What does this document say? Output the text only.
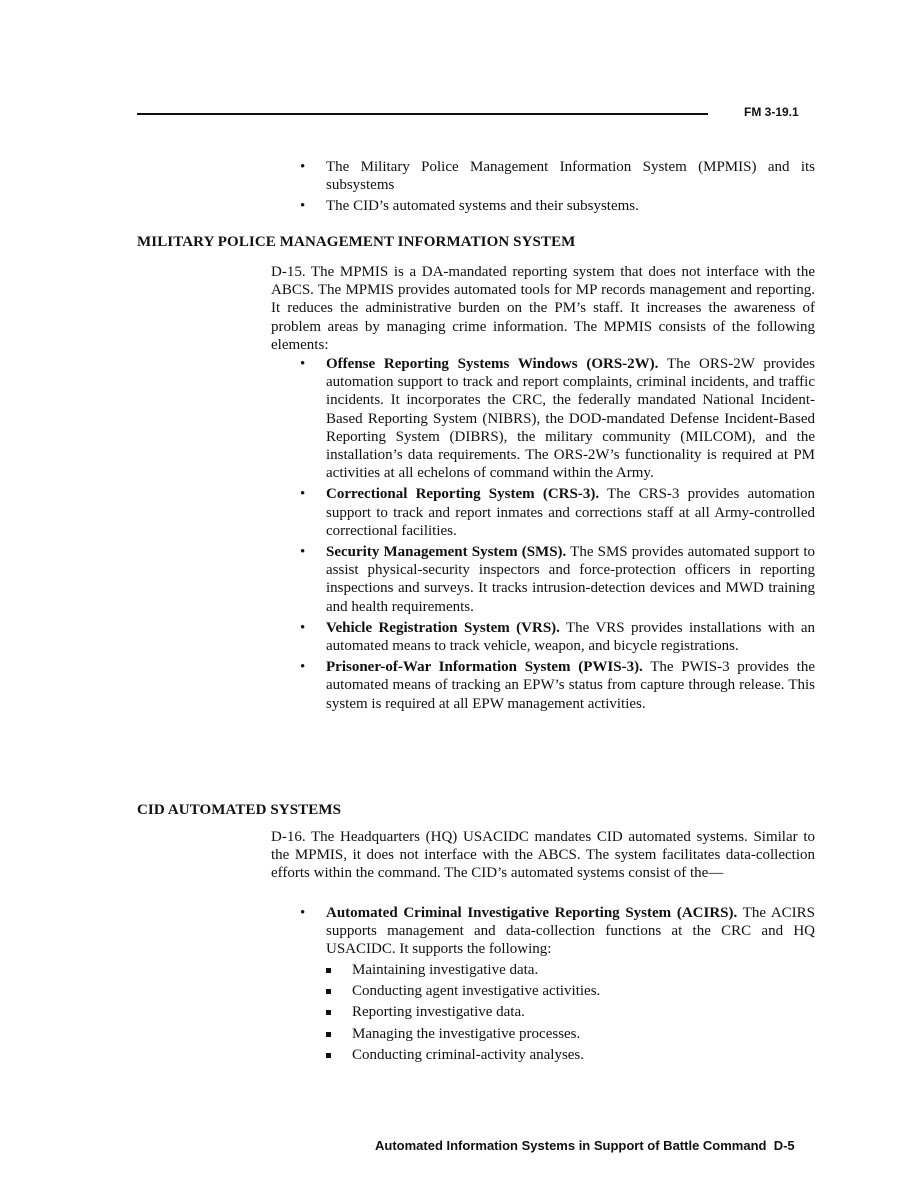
FM 3-19.1
•	The Military Police Management Information System (MPMIS) and its subsystems
•	The CID’s automated systems and their subsystems.
MILITARY POLICE MANAGEMENT INFORMATION SYSTEM
D-15. The MPMIS is a DA-mandated reporting system that does not interface with the ABCS. The MPMIS provides automated tools for MP records management and reporting. It reduces the administrative burden on the PM’s staff. It increases the awareness of problem areas by managing crime information. The MPMIS consists of the following elements:
•	Offense Reporting Systems Windows (ORS-2W). The ORS-2W provides automation support to track and report complaints, criminal incidents, and traffic incidents. It incorporates the CRC, the federally mandated National Incident-Based Reporting System (NIBRS), the DOD-mandated Defense Incident-Based Reporting System (DIBRS), the military community (MILCOM), and the installation’s data requirements. The ORS-2W’s functionality is required at PM activities at all echelons of command within the Army.
•	Correctional Reporting System (CRS-3). The CRS-3 provides automation support to track and report inmates and corrections staff at all Army-controlled correctional facilities.
•	Security Management System (SMS). The SMS provides automated support to assist physical-security inspectors and force-protection officers in reporting inspections and surveys. It tracks intrusion-detection devices and MWD training and health requirements.
•	Vehicle Registration System (VRS). The VRS provides installations with an automated means to track vehicle, weapon, and bicycle registrations.
•	Prisoner-of-War Information System (PWIS-3). The PWIS-3 provides the automated means of tracking an EPW’s status from capture through release. This system is required at all EPW management activities.
CID AUTOMATED SYSTEMS
D-16. The Headquarters (HQ) USACIDC mandates CID automated systems. Similar to the MPMIS, it does not interface with the ABCS. The system facilitates data-collection efforts within the command. The CID’s automated systems consist of the—
•	Automated Criminal Investigative Reporting System (ACIRS). The ACIRS supports management and data-collection functions at the CRC and HQ USACIDC. It supports the following:
Maintaining investigative data.
Conducting agent investigative activities.
Reporting investigative data.
Managing the investigative processes.
Conducting criminal-activity analyses.
Automated Information Systems in Support of Battle Command D-5
